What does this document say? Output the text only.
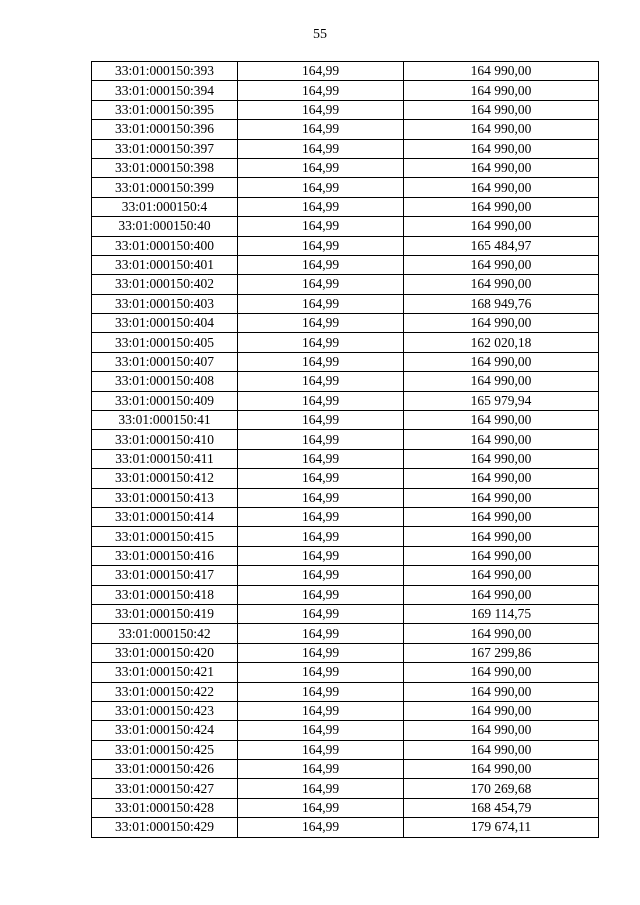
55
33:01:000150:393	164,99	164 990,00
33:01:000150:394	164,99	164 990,00
33:01:000150:395	164,99	164 990,00
33:01:000150:396	164,99	164 990,00
33:01:000150:397	164,99	164 990,00
33:01:000150:398	164,99	164 990,00
33:01:000150:399	164,99	164 990,00
33:01:000150:4	164,99	164 990,00
33:01:000150:40	164,99	164 990,00
33:01:000150:400	164,99	165 484,97
33:01:000150:401	164,99	164 990,00
33:01:000150:402	164,99	164 990,00
33:01:000150:403	164,99	168 949,76
33:01:000150:404	164,99	164 990,00
33:01:000150:405	164,99	162 020,18
33:01:000150:407	164,99	164 990,00
33:01:000150:408	164,99	164 990,00
33:01:000150:409	164,99	165 979,94
33:01:000150:41	164,99	164 990,00
33:01:000150:410	164,99	164 990,00
33:01:000150:411	164,99	164 990,00
33:01:000150:412	164,99	164 990,00
33:01:000150:413	164,99	164 990,00
33:01:000150:414	164,99	164 990,00
33:01:000150:415	164,99	164 990,00
33:01:000150:416	164,99	164 990,00
33:01:000150:417	164,99	164 990,00
33:01:000150:418	164,99	164 990,00
33:01:000150:419	164,99	169 114,75
33:01:000150:42	164,99	164 990,00
33:01:000150:420	164,99	167 299,86
33:01:000150:421	164,99	164 990,00
33:01:000150:422	164,99	164 990,00
33:01:000150:423	164,99	164 990,00
33:01:000150:424	164,99	164 990,00
33:01:000150:425	164,99	164 990,00
33:01:000150:426	164,99	164 990,00
33:01:000150:427	164,99	170 269,68
33:01:000150:428	164,99	168 454,79
33:01:000150:429	164,99	179 674,11
